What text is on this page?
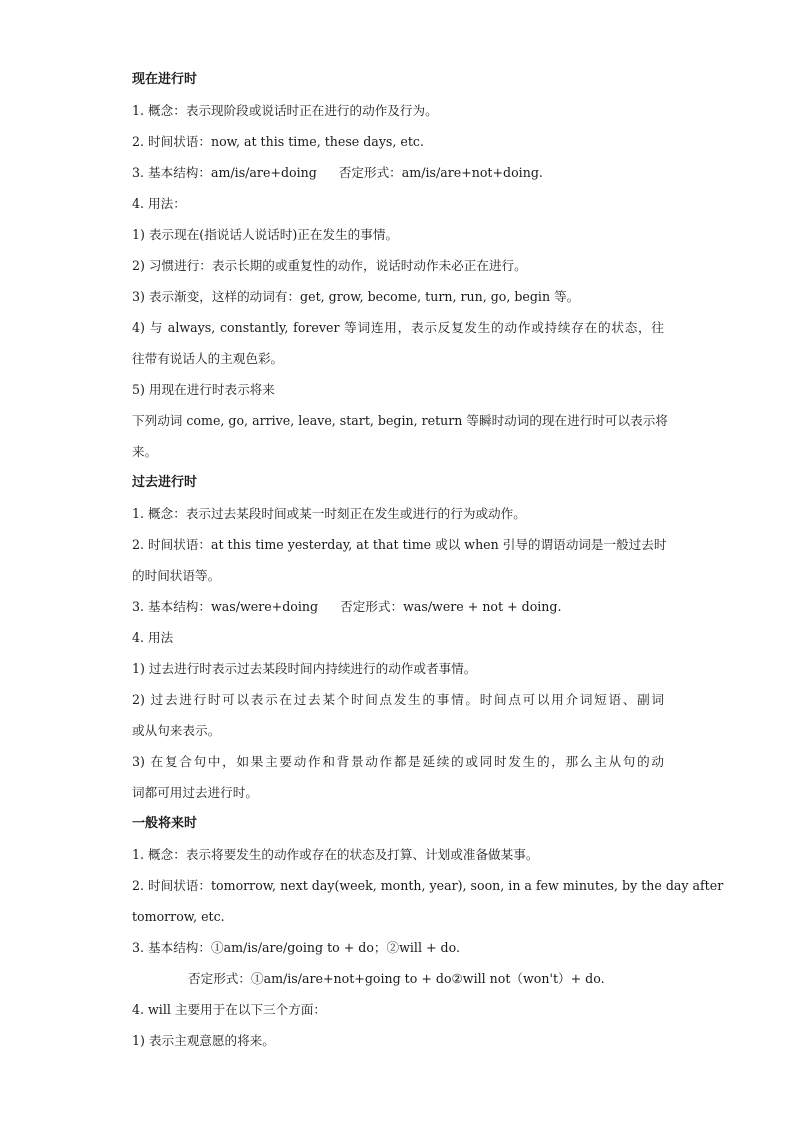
现在进行时
1. 概念：表示现阶段或说话时正在进行的动作及行为。
2. 时间状语：now, at this time, these days, etc.
3. 基本结构：am/is/are+doing 否定形式：am/is/are+not+doing.
4. 用法：
1) 表示现在(指说话人说话时)正在发生的事情。
2) 习惯进行：表示长期的或重复性的动作，说话时动作未必正在进行。
3) 表示渐变，这样的动词有：get, grow, become, turn, run, go, begin 等。
4) 与 always, constantly, forever 等词连用，表示反复发生的动作或持续存在的状态，往
往带有说话人的主观色彩。
5) 用现在进行时表示将来
下列动词 come, go, arrive, leave, start, begin, return 等瞬时动词的现在进行时可以表示将
来。
过去进行时
1. 概念：表示过去某段时间或某一时刻正在发生或进行的行为或动作。
2. 时间状语：at this time yesterday, at that time 或以 when 引导的谓语动词是一般过去时
的时间状语等。
3. 基本结构：was/were+doing 否定形式：was/were + not + doing.
4. 用法
1) 过去进行时表示过去某段时间内持续进行的动作或者事情。
2) 过去进行时可以表示在过去某个时间点发生的事情。时间点可以用介词短语、副词
或从句来表示。
3) 在复合句中，如果主要动作和背景动作都是延续的或同时发生的，那么主从句的动
词都可用过去进行时。
一般将来时
1. 概念：表示将要发生的动作或存在的状态及打算、计划或准备做某事。
2. 时间状语：tomorrow, next day(week, month, year), soon, in a few minutes, by the day after
tomorrow, etc.
3. 基本结构：①am/is/are/going to + do；②will + do.
否定形式：①am/is/are+not+going to + do②will not（won't）+ do.
4. will 主要用于在以下三个方面：
1) 表示主观意愿的将来。
